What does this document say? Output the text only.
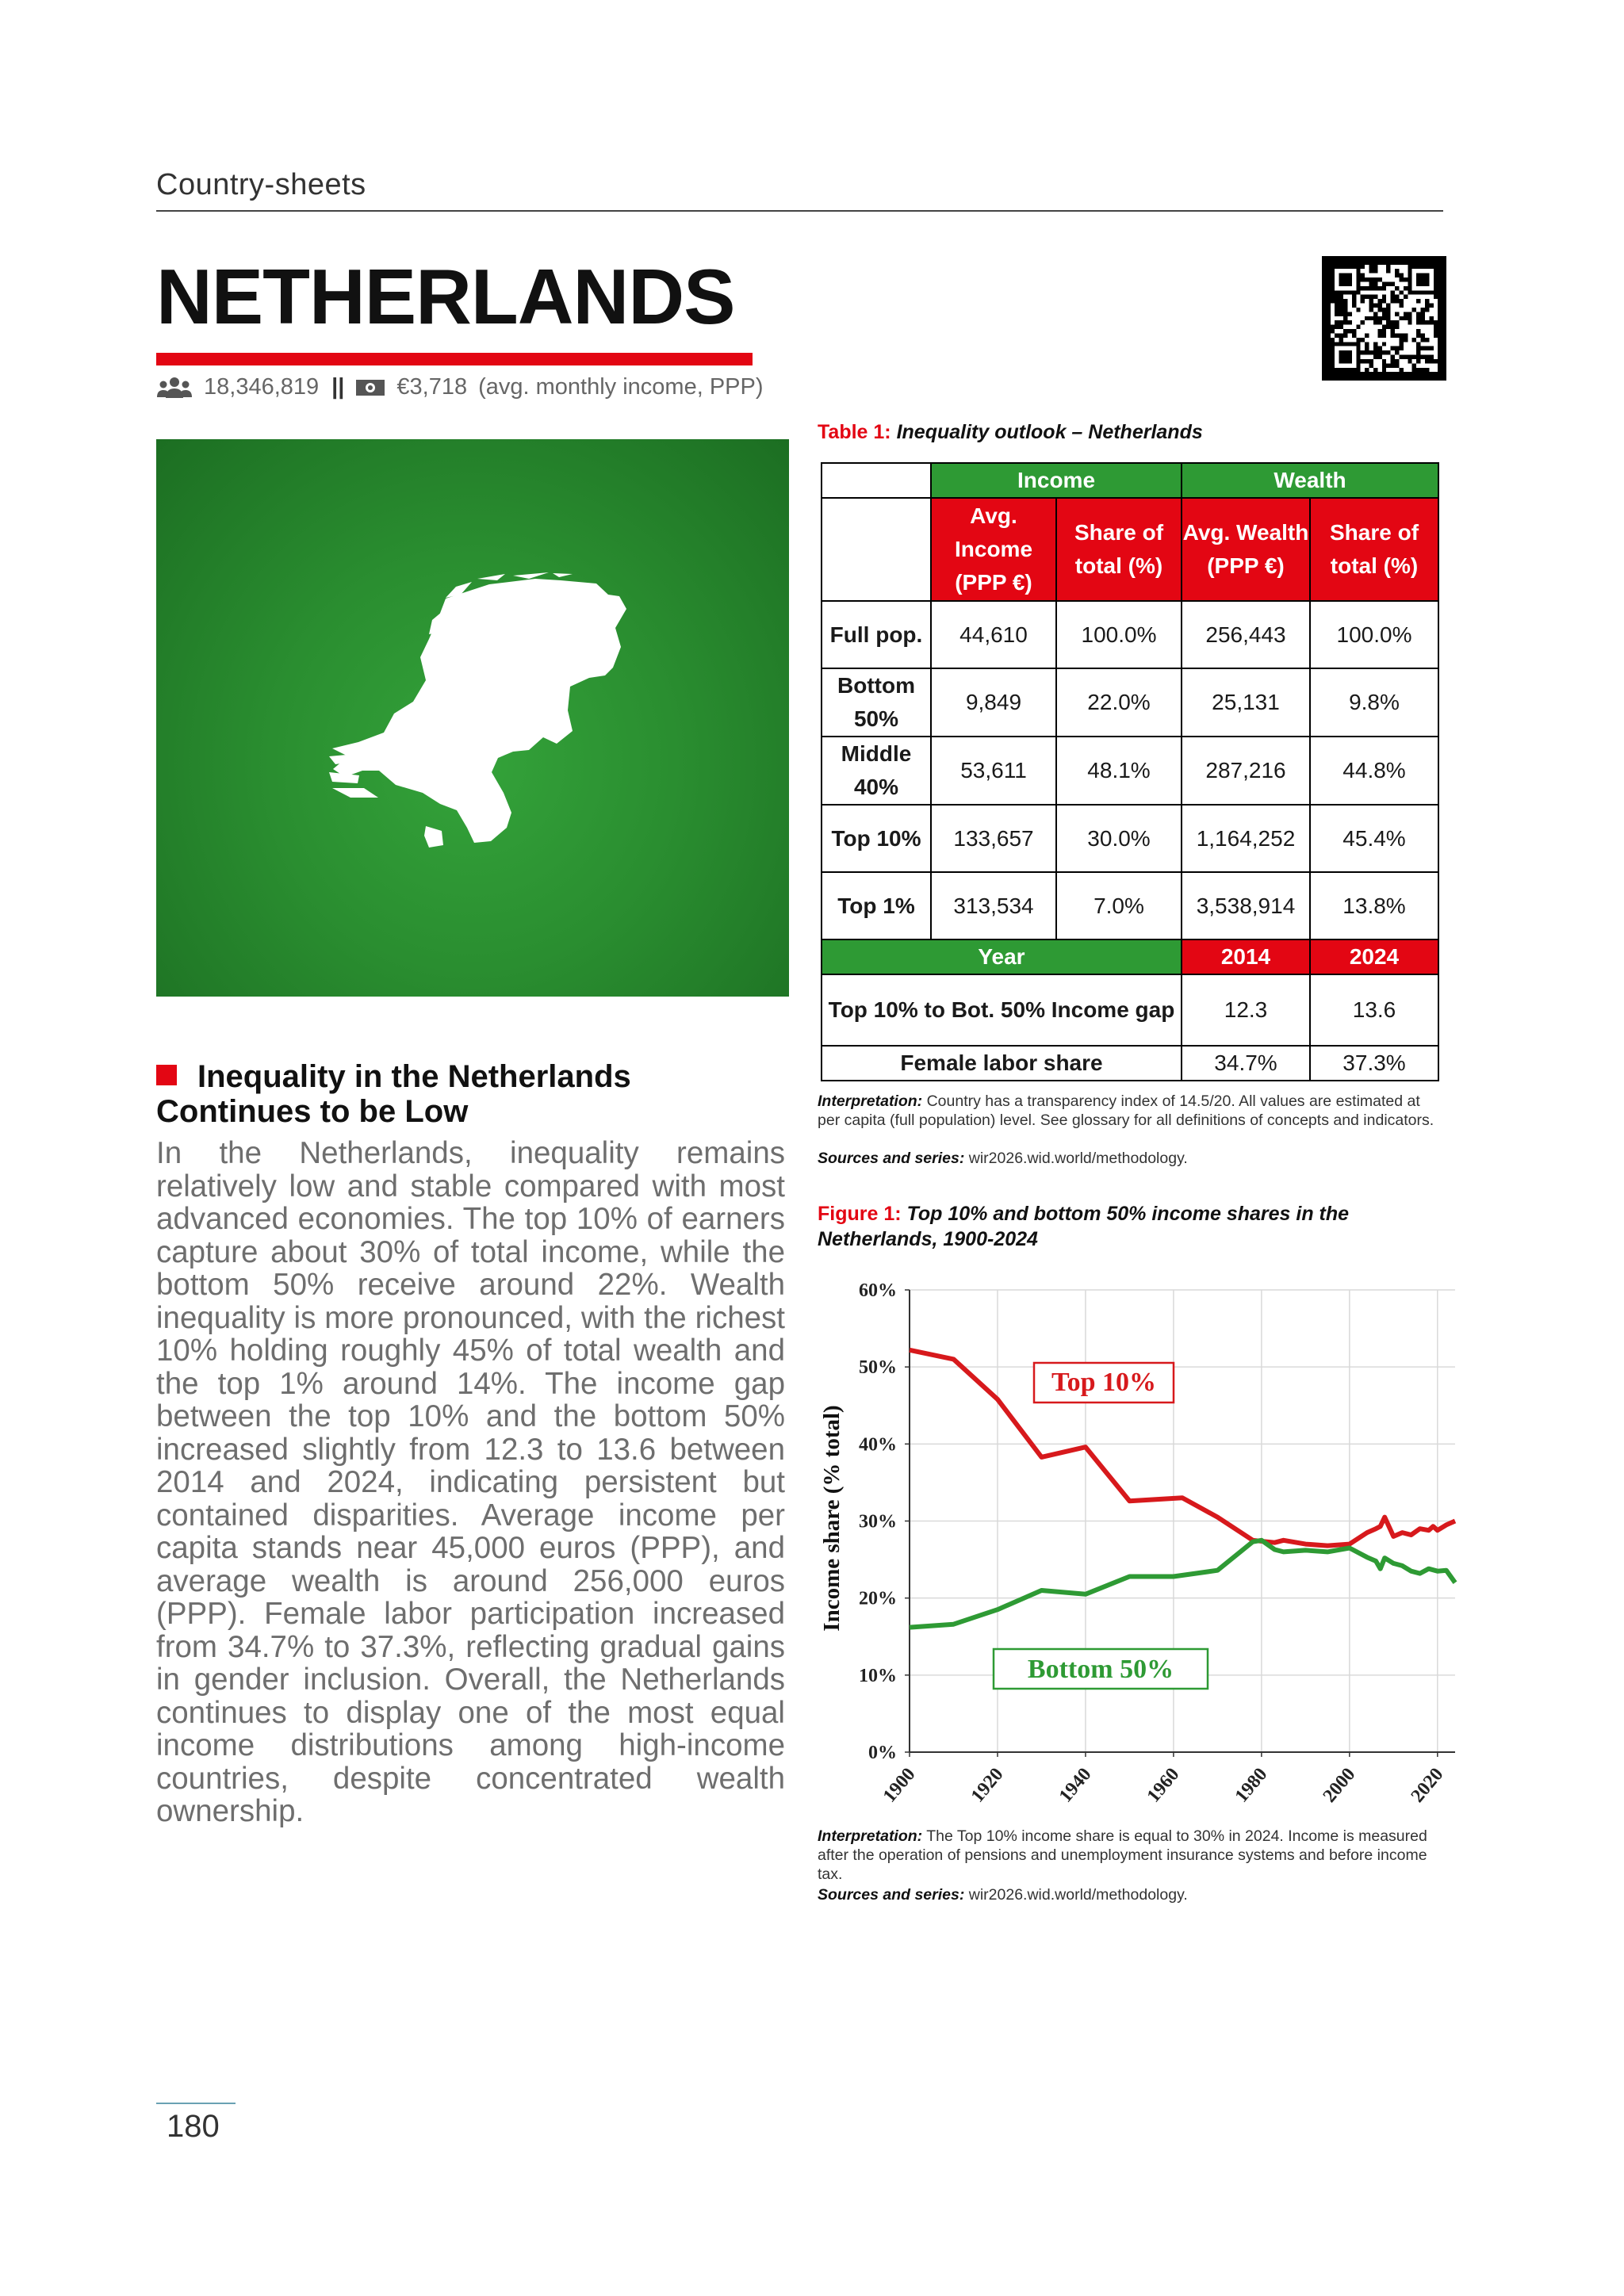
Country-sheets
NETHERLANDS
18,346,819 || €3,718 (avg. monthly income, PPP)
Inequality in the Netherlands Continues to be Low
In the Netherlands, inequality remains relatively low and stable compared with most advanced economies. The top 10% of earners capture about 30% of total income, while the bottom 50% receive around 22%. Wealth inequality is more pronounced, with the richest 10% holding roughly 45% of total wealth and the top 1% around 14%. The income gap between the top 10% and the bottom 50% increased slightly from 12.3 to 13.6 between 2014 and 2024, indicating persistent but contained disparities. Average income per capita stands near 45,000 euros (PPP), and average wealth is around 256,000 euros (PPP). Female labor participation increased from 34.7% to 37.3%, reflecting gradual gains in gender inclusion. Overall, the Netherlands continues to display one of the most equal income distributions among high-income countries, despite concentrated wealth ownership.
Table 1: Inequality outlook – Netherlands
	Income		Wealth	
	Avg. Income (PPP €)	Share of total (%)	Avg. Wealth (PPP €)	Share of total (%)
Full pop.	44,610	100.0%	256,443	100.0%
Bottom 50%	9,849	22.0%	25,131	9.8%
Middle 40%	53,611	48.1%	287,216	44.8%
Top 10%	133,657	30.0%	1,164,252	45.4%
Top 1%	313,534	7.0%	3,538,914	13.8%
Year			2014	2024
Top 10% to Bot. 50% Income gap			12.3	13.6
Female labor share			34.7%	37.3%
Interpretation: Country has a transparency index of 14.5/20. All values are estimated at per capita (full population) level. See glossary for all definitions of concepts and indicators.
Sources and series: wir2026.wid.world/methodology.
Figure 1: Top 10% and bottom 50% income shares in the Netherlands, 1900-2024
0%
10%
20%
30%
40%
50%
60%
1900	1920	1940	1960	1980	2000	2020
Income share (% total)
Top 10%
Bottom 50%
Interpretation: The Top 10% income share is equal to 30% in 2024. Income is measured after the operation of pensions and unemployment insurance systems and before income tax.
Sources and series: wir2026.wid.world/methodology.
180
